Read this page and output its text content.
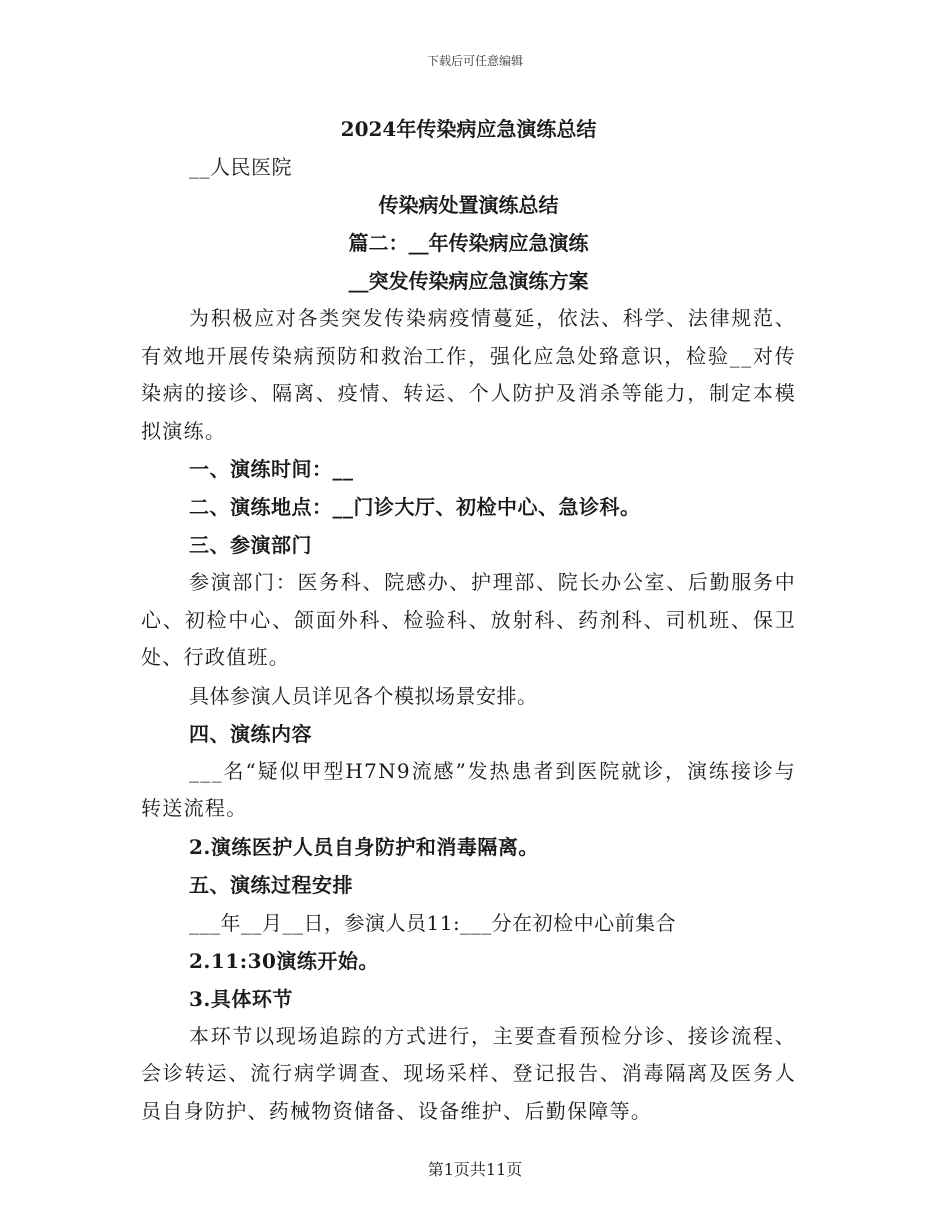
下载后可任意编辑
2024年传染病应急演练总结
__人民医院
传染病处置演练总结
篇二：__年传染病应急演练
__突发传染病应急演练方案
为积极应对各类突发传染病疫情蔓延，依法、科学、法律规范、有效地开展传染病预防和救治工作，强化应急处臵意识，检验__对传染病的接诊、隔离、疫情、转运、个人防护及消杀等能力，制定本模拟演练。
一、演练时间：__
二、演练地点：__门诊大厅、初检中心、急诊科。
三、参演部门
参演部门：医务科、院感办、护理部、院长办公室、后勤服务中心、初检中心、颌面外科、检验科、放射科、药剂科、司机班、保卫处、行政值班。
具体参演人员详见各个模拟场景安排。
四、演练内容
___名“疑似甲型H7N9流感”发热患者到医院就诊，演练接诊与转送流程。
2.演练医护人员自身防护和消毒隔离。
五、演练过程安排
___年__月__日，参演人员11:___分在初检中心前集合
2.11:30演练开始。
3.具体环节
本环节以现场追踪的方式进行，主要查看预检分诊、接诊流程、会诊转运、流行病学调查、现场采样、登记报告、消毒隔离及医务人员自身防护、药械物资储备、设备维护、后勤保障等。
第1页共11页
